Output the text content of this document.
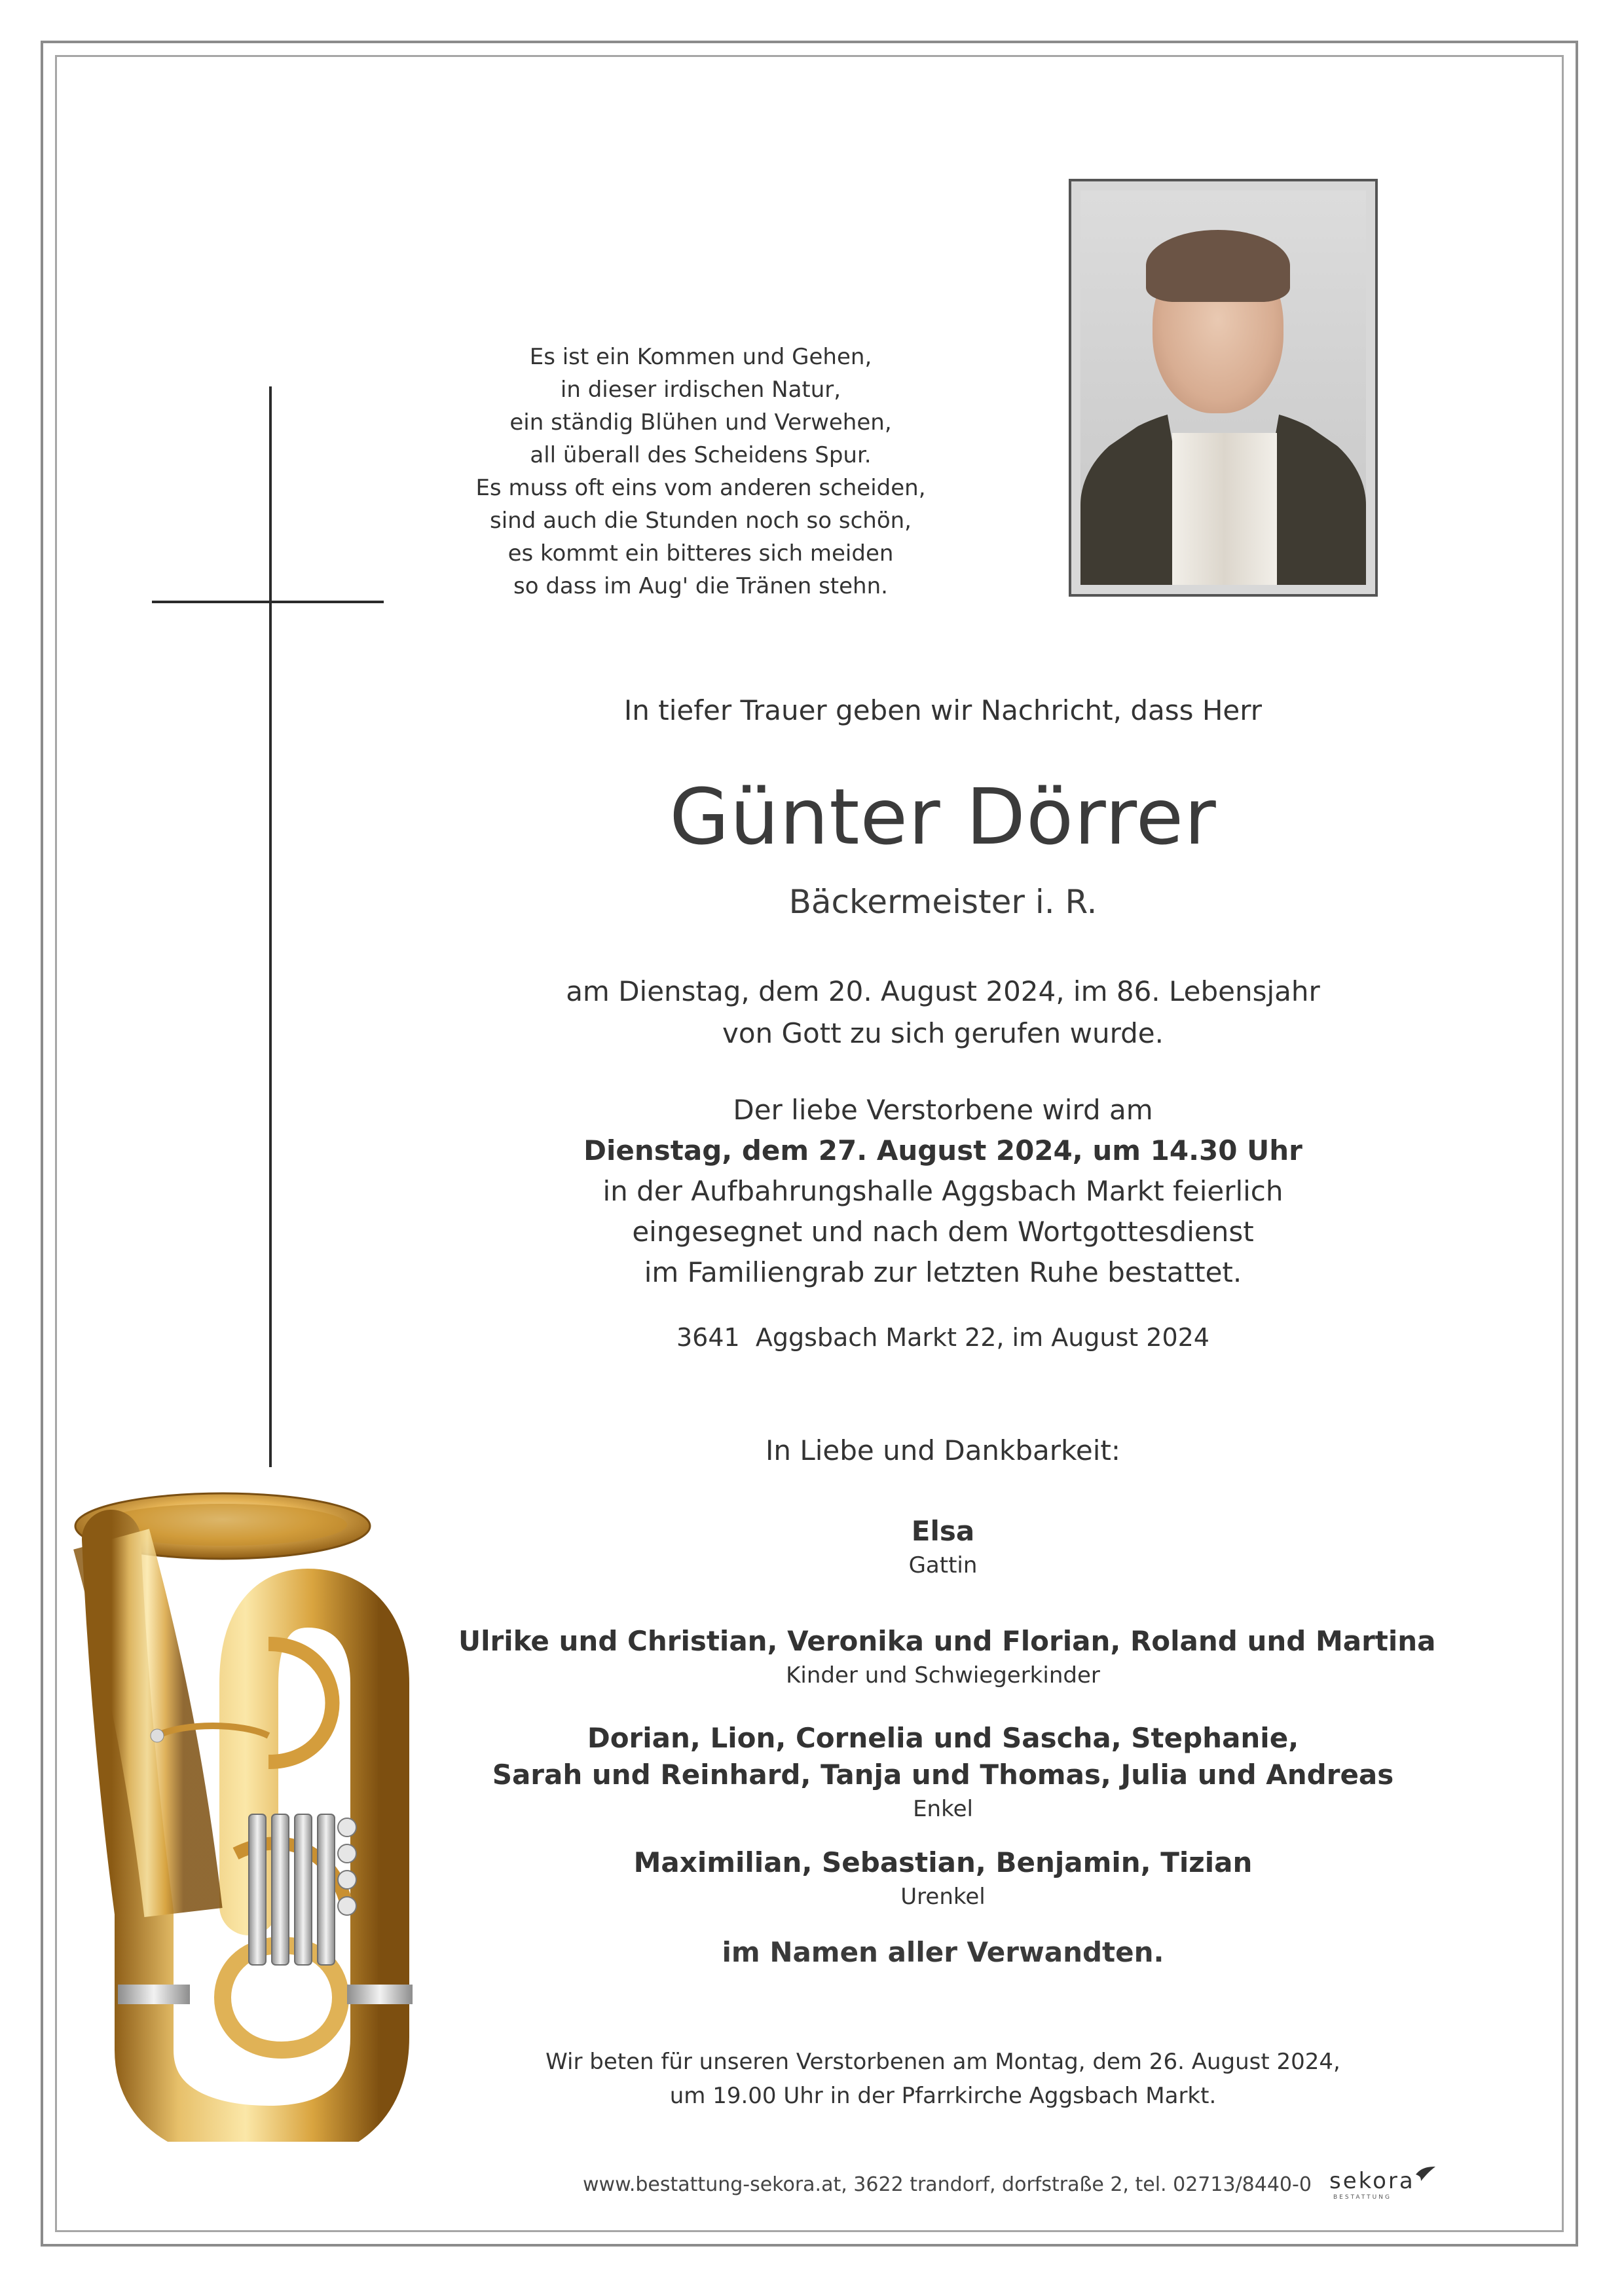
Es ist ein Kommen und Gehen,
in dieser irdischen Natur,
ein ständig Blühen und Verwehen,
all überall des Scheidens Spur.
Es muss oft eins vom anderen scheiden,
sind auch die Stunden noch so schön,
es kommt ein bitteres sich meiden
so dass im Aug' die Tränen stehn.
In tiefer Trauer geben wir Nachricht, dass Herr
Günter Dörrer
Bäckermeister i. R.
am Dienstag, dem 20. August 2024, im 86. Lebensjahr
von Gott zu sich gerufen wurde.
Der liebe Verstorbene wird am
Dienstag, dem 27. August 2024, um 14.30 Uhr
in der Aufbahrungshalle Aggsbach Markt feierlich
eingesegnet und nach dem Wortgottesdienst
im Familiengrab zur letzten Ruhe bestattet.
3641  Aggsbach Markt 22, im August 2024
In Liebe und Dankbarkeit:
Elsa
Gattin
Ulrike und Christian, Veronika und Florian, Roland und Martina
Kinder und Schwiegerkinder
Dorian, Lion, Cornelia und Sascha, Stephanie,
Sarah und Reinhard, Tanja und Thomas, Julia und Andreas
Enkel
Maximilian, Sebastian, Benjamin, Tizian
Urenkel
im Namen aller Verwandten.
Wir beten für unseren Verstorbenen am Montag, dem 26. August 2024,
um 19.00 Uhr in der Pfarrkirche Aggsbach Markt.
www.bestattung-sekora.at, 3622 trandorf, dorfstraße 2, tel. 02713/8440-0 sekora
BESTATTUNG
